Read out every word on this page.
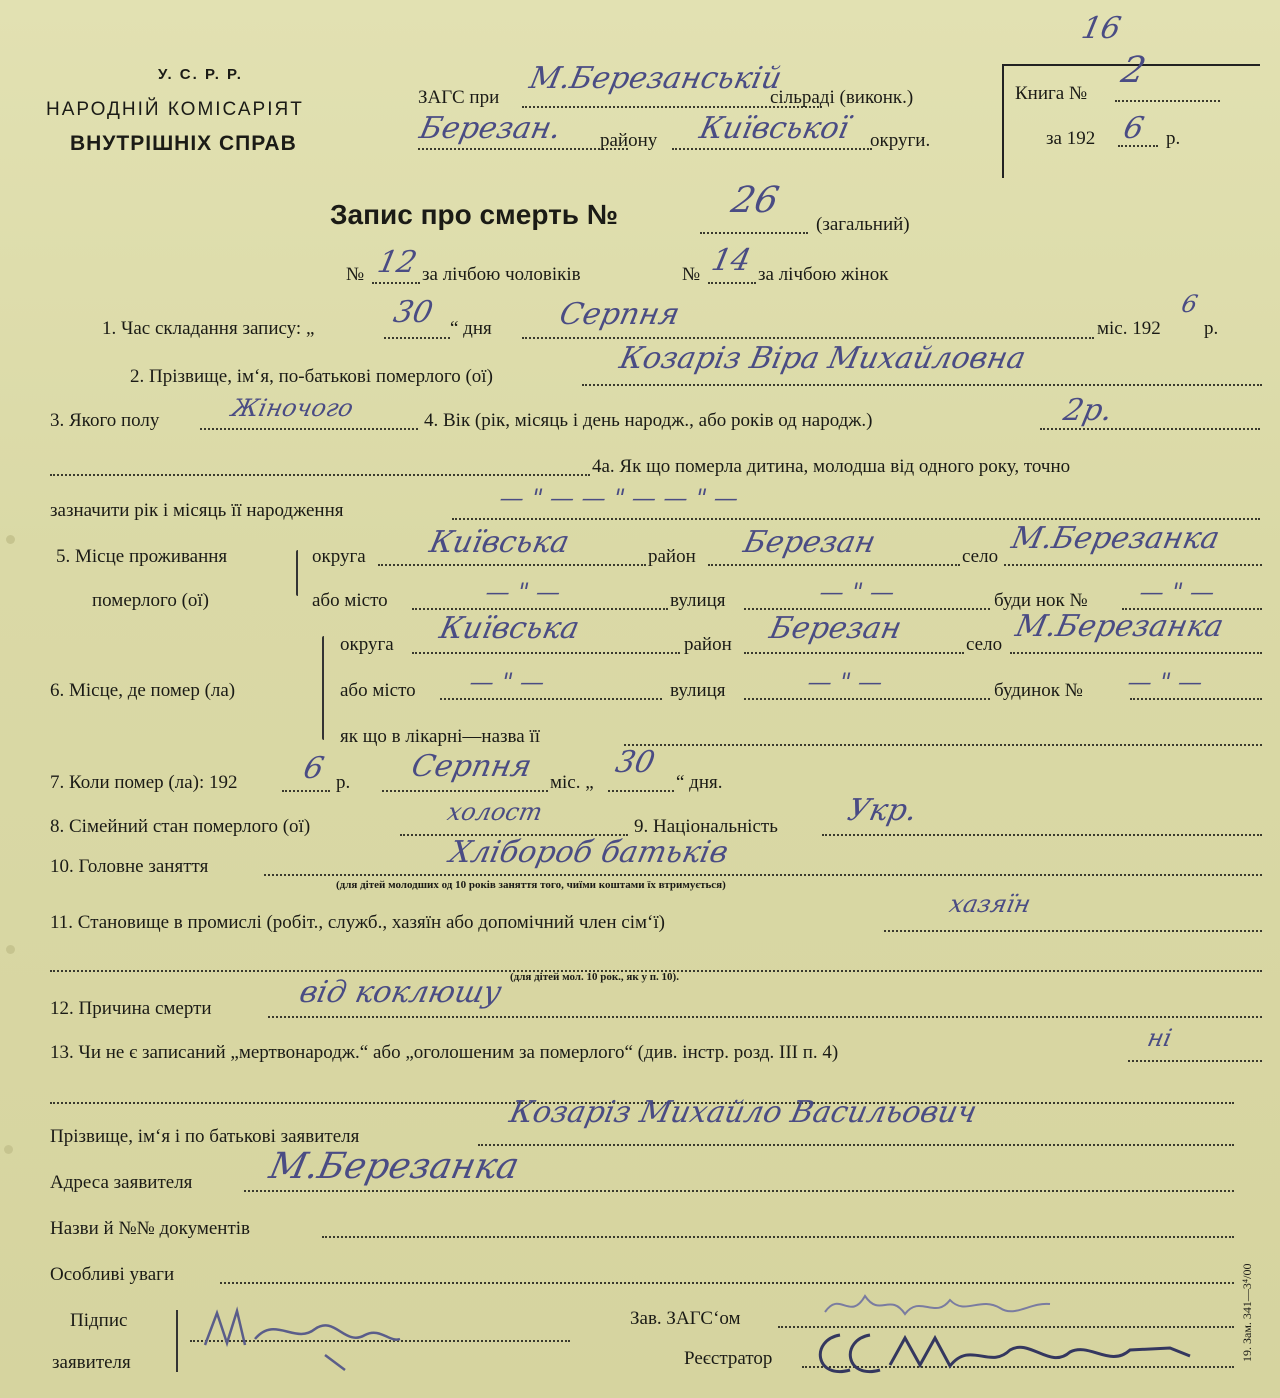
16
У. С. Р. Р.
НАРОДНІЙ КОМІСАРІЯТ
ВНУТРІШНІХ СПРАВ
ЗАГС при
М.Березанській
сільраді (виконк.)
Березан. району Київської округи.
Книга №
2
за 192 6 р.
Запис про смерть №	26
(загальний)
№ 12 за лічбою чоловіків	№ 14 за лічбою жінок
1. Час складання запису: „	30 “ дня Серпня	міс. 192
6
р.
2. Прізвище, ім‘я, по-батькові померлого (ої)
Козаріз Віра Михайловна
3. Якого полу	Жіночого	4. Вік (рік, місяць і день народж., або років од народж.)	2р.
4а. Як що померла дитина, молодша від одного року, точно
зазначити рік і місяць її народження	— " — — " — — " —
5. Місце проживання
померлого (ої)
округа Київська	район Березан	село
М.Березанка
або місто	— " —	вулиця	— " —	буди нок № — " —
6. Місце, де помер (ла)
округа Київська	район Березан	село
М.Березанка
або місто — " —	вулиця	— " —	будинок № — " —
як що в лікарні—назва її
7. Коли помер (ла): 192 6 р. Серпня міс. „
30
“ дня.
8. Сімейний стан померлого (ої)
холост
9. Національність Укр.
10. Головне заняття	Хлібороб батьків
(для дітей молодших од 10 років заняття того, чиїми коштами їх втримується)
11. Становище в промислі (робіт., служб., хазяїн або допомічний член сім‘ї)
хазяїн
(для дітей мол. 10 рок., як у п. 10).
12. Причина смерти	від коклюшу
13. Чи не є записаний „мертвонародж.“ або „оголошеним за померлого“ (див. інстр. розд. ІІІ п. 4)
ні
Прізвище, ім‘я і по батькові заявителя
Козаріз Михайло Васильович
Адреса заявителя М.Березанка
Назви й №№ документів
Особливі уваги
Підпис
заявителя
Зав. ЗАГС‘ом
Реєстратор	19. Зам. 341—3⁴/00
